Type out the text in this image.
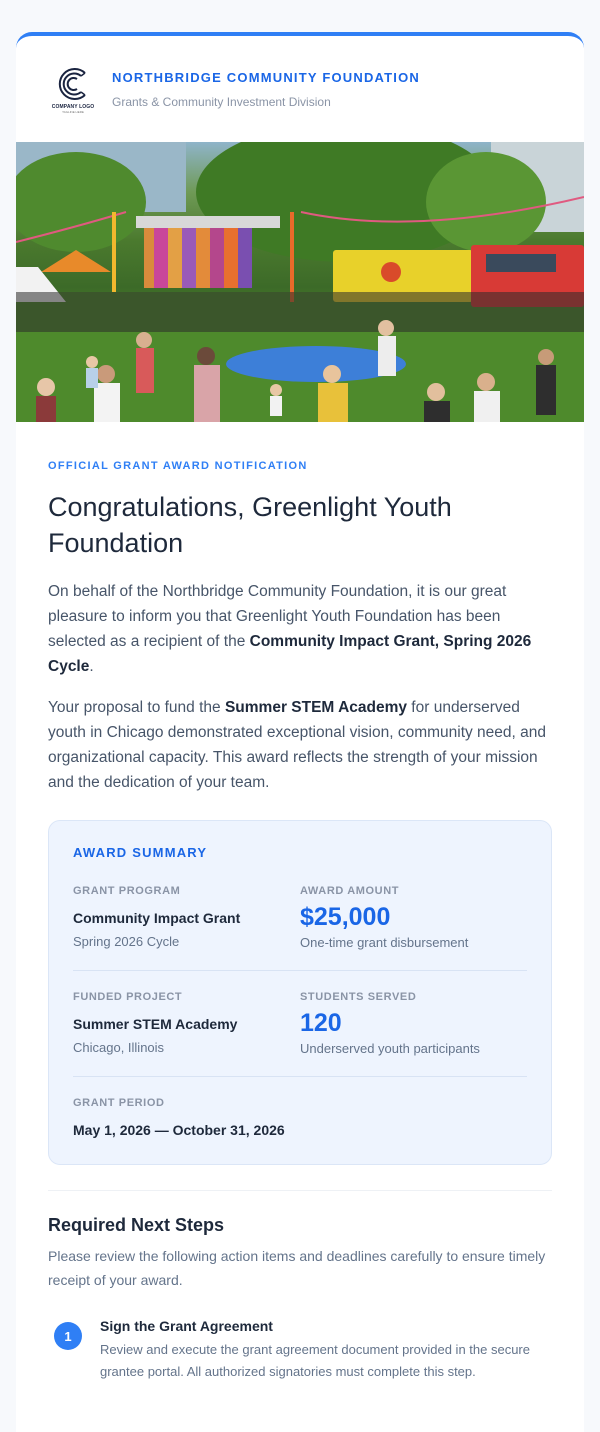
COMPANY LOGO
TAGLINE HERE
NORTHBRIDGE COMMUNITY FOUNDATION
Grants & Community Investment Division
OFFICIAL GRANT AWARD NOTIFICATION
Congratulations, Greenlight Youth Foundation

On behalf of the Northbridge Community Foundation, it is our great pleasure to inform you that Greenlight Youth Foundation has been selected as a recipient of the Community Impact Grant, Spring 2026 Cycle.

Your proposal to fund the Summer STEM Academy for underserved youth in Chicago demonstrated exceptional vision, community need, and organizational capacity. This award reflects the strength of your mission and the dedication of your team.

AWARD SUMMARY
GRANT PROGRAM
Community Impact Grant
Spring 2026 Cycle
AWARD AMOUNT
$25,000
One-time grant disbursement
FUNDED PROJECT
Summer STEM Academy
Chicago, Illinois
STUDENTS SERVED
120
Underserved youth participants
GRANT PERIOD
May 1, 2026 — October 31, 2026
Required Next Steps

Please review the following action items and deadlines carefully to ensure timely receipt of your award.

1
Sign the Grant Agreement
Review and execute the grant agreement document provided in the secure grantee portal. All authorized signatories must complete this step.
